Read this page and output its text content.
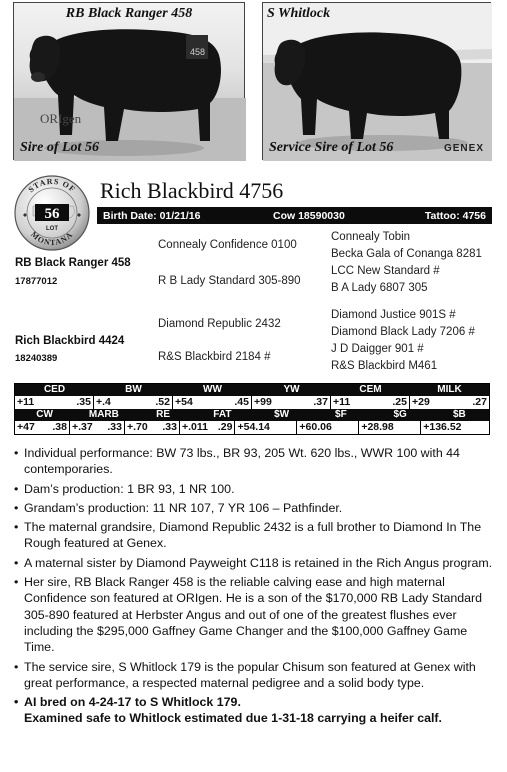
458
RB Black Ranger 458
ORIgen
Sire of Lot 56
S Whitlock
Service Sire of Lot 56	GENEX
STARS OF
MONTANA
56
LOT
Rich Blackbird 4756
Birth Date: 01/21/16	Cow 18590030	Tattoo: 4756
RB Black Ranger 458
17877012
Rich Blackbird 4424
18240389
Connealy Confidence 0100
R B Lady Standard 305-890
Diamond Republic 2432
R&S Blackbird 2184 #
Connealy Tobin
Becka Gala of Conanga 8281
LCC New Standard #
B A Lady 6807 305
Diamond Justice 901S #
Diamond Black Lady 7206 #
J D Daigger 901 #
R&S Blackbird M461
CED	BW	WW	YW	CEM	MILK
+11	.35 +.4	.52 +54	.45 +99	.37 +11	.25 +29	.27
CW	MARB	RE	FAT	$W	$F	$G	$B
+47	.38 +.37	.33 +.70	.33 +.011 .29 +54.14	+60.06	+28.98	+136.52
• Individual performance: BW 73 lbs., BR 93, 205 Wt. 620 lbs., WWR 100 with 44 contemporaries.
• Dam’s production: 1 BR 93, 1 NR 100.
• Grandam’s production: 11 NR 107, 7 YR 106 – Pathfinder.
• The maternal grandsire, Diamond Republic 2432 is a full brother to Diamond In The Rough featured at Genex.
• A maternal sister by Diamond Payweight C118 is retained in the Rich Angus program.
• Her sire, RB Black Ranger 458 is the reliable calving ease and high maternal Confidence son featured at ORIgen. He is a son of the $170,000 RB Lady Standard 305-890 featured at Herbster Angus and out of one of the greatest flushes ever including the $295,000 Gaffney Game Changer and the $100,000 Gaffney Game Time.
• The service sire, S Whitlock 179 is the popular Chisum son featured at Genex with great performance, a respected maternal pedigree and a solid body type.
• AI bred on 4-24-17 to S Whitlock 179.
Examined safe to Whitlock estimated due 1-31-18 carrying a heifer calf.
